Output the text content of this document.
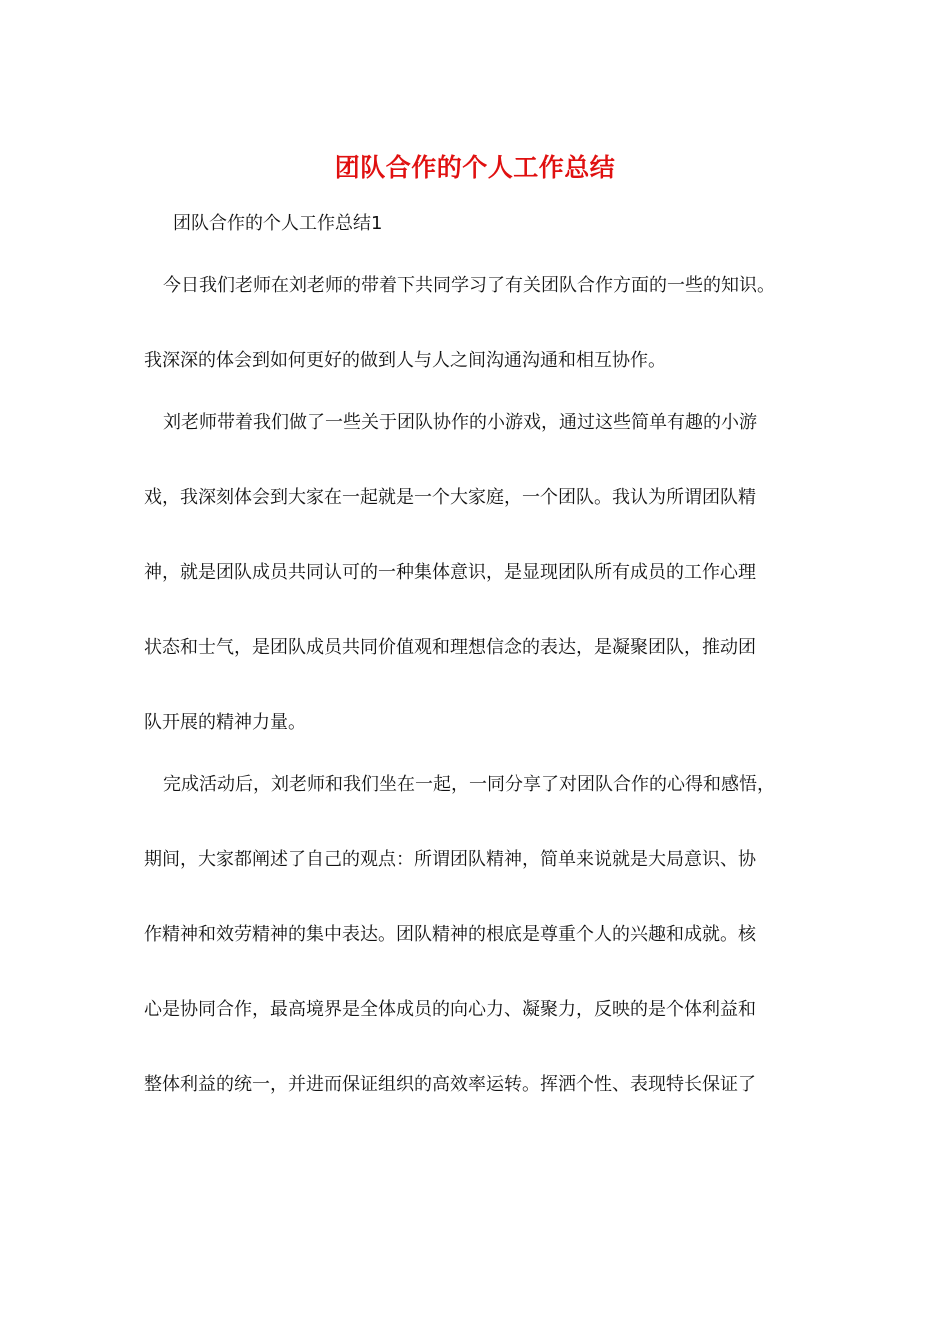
团队合作的个人工作总结

团队合作的个人工作总结1

今日我们老师在刘老师的带着下共同学习了有关团队合作方面的一些的知识。

我深深的体会到如何更好的做到人与人之间沟通沟通和相互协作。

刘老师带着我们做了一些关于团队协作的小游戏，通过这些简单有趣的小游

戏，我深刻体会到大家在一起就是一个大家庭，一个团队。我认为所谓团队精

神，就是团队成员共同认可的一种集体意识，是显现团队所有成员的工作心理

状态和士气，是团队成员共同价值观和理想信念的表达，是凝聚团队，推动团

队开展的精神力量。

完成活动后，刘老师和我们坐在一起，一同分享了对团队合作的心得和感悟，

期间，大家都阐述了自己的观点：所谓团队精神，简单来说就是大局意识、协

作精神和效劳精神的集中表达。团队精神的根底是尊重个人的兴趣和成就。核

心是协同合作，最高境界是全体成员的向心力、凝聚力，反映的是个体利益和

整体利益的统一，并进而保证组织的高效率运转。挥洒个性、表现特长保证了
